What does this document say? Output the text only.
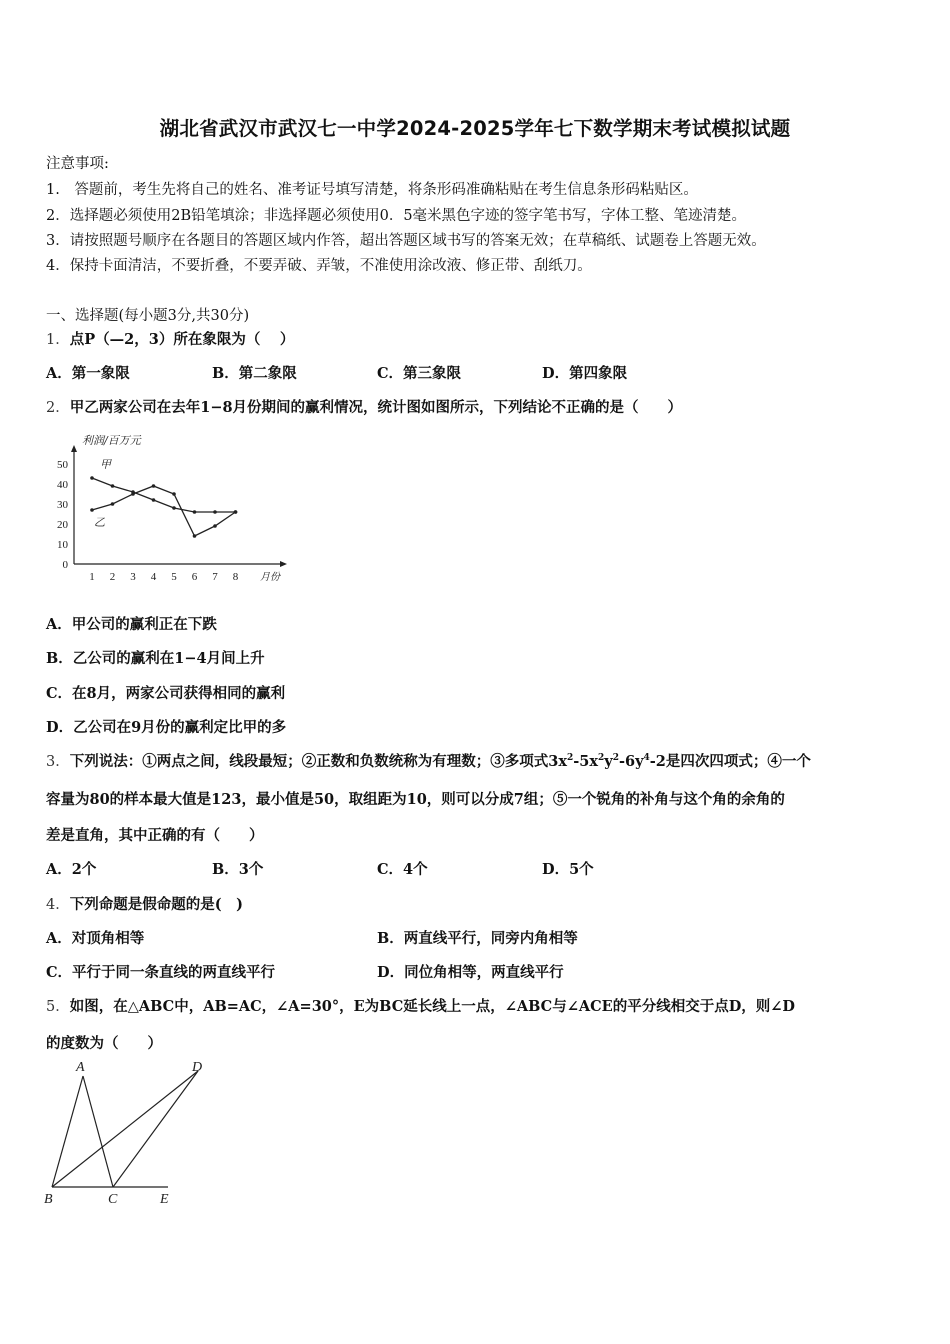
湖北省武汉市武汉七一中学2024-2025学年七下数学期末考试模拟试题
注意事项:
1.　答题前，考生先将自己的姓名、准考证号填写清楚，将条形码准确粘贴在考生信息条形码粘贴区。
2．选择题必须使用2B铅笔填涂；非选择题必须使用0．5毫米黑色字迹的签字笔书写，字体工整、笔迹清楚。
3．请按照题号顺序在各题目的答题区域内作答，超出答题区域书写的答案无效；在草稿纸、试题卷上答题无效。
4．保持卡面清洁，不要折叠，不要弄破、弄皱，不准使用涂改液、修正带、刮纸刀。
一、选择题(每小题3分,共30分)
1．点P（—2，3）所在象限为（　 ）
A．第一象限	B．第二象限	C．第三象限	D．第四象限
2．甲乙两家公司在去年1−8月份期间的赢利情况，统计图如图所示，下列结论不正确的是（　　）
0
10
20
30
40
50
1 2 3 4 5 6 7 8
利润/百万元
月份
甲
乙
A．甲公司的赢利正在下跌
B．乙公司的赢利在1−4月间上升
C．在8月，两家公司获得相同的赢利
D．乙公司在9月份的赢利定比甲的多
3．下列说法：①两点之间，线段最短；②正数和负数统称为有理数；③多项式$3x^2-5x^2y^2-6y^4-2$是四次四项式；④一个
容量为80的样本最大值是123，最小值是50，取组距为10，则可以分成7组；⑤一个锐角的补角与这个角的余角的
差是直角，其中正确的有（　　）
A．2个	B．3个	C．4个	D．5个
4．下列命题是假命题的是(　)
A．对顶角相等	B．两直线平行，同旁内角相等
C．平行于同一条直线的两直线平行	D．同位角相等，两直线平行
5．如图，在△ABC中，AB=AC，∠A=30°，E为BC延长线上一点，∠ABC与∠ACE的平分线相交于点D，则∠D
的度数为（　　）
A	D
B	C	E
